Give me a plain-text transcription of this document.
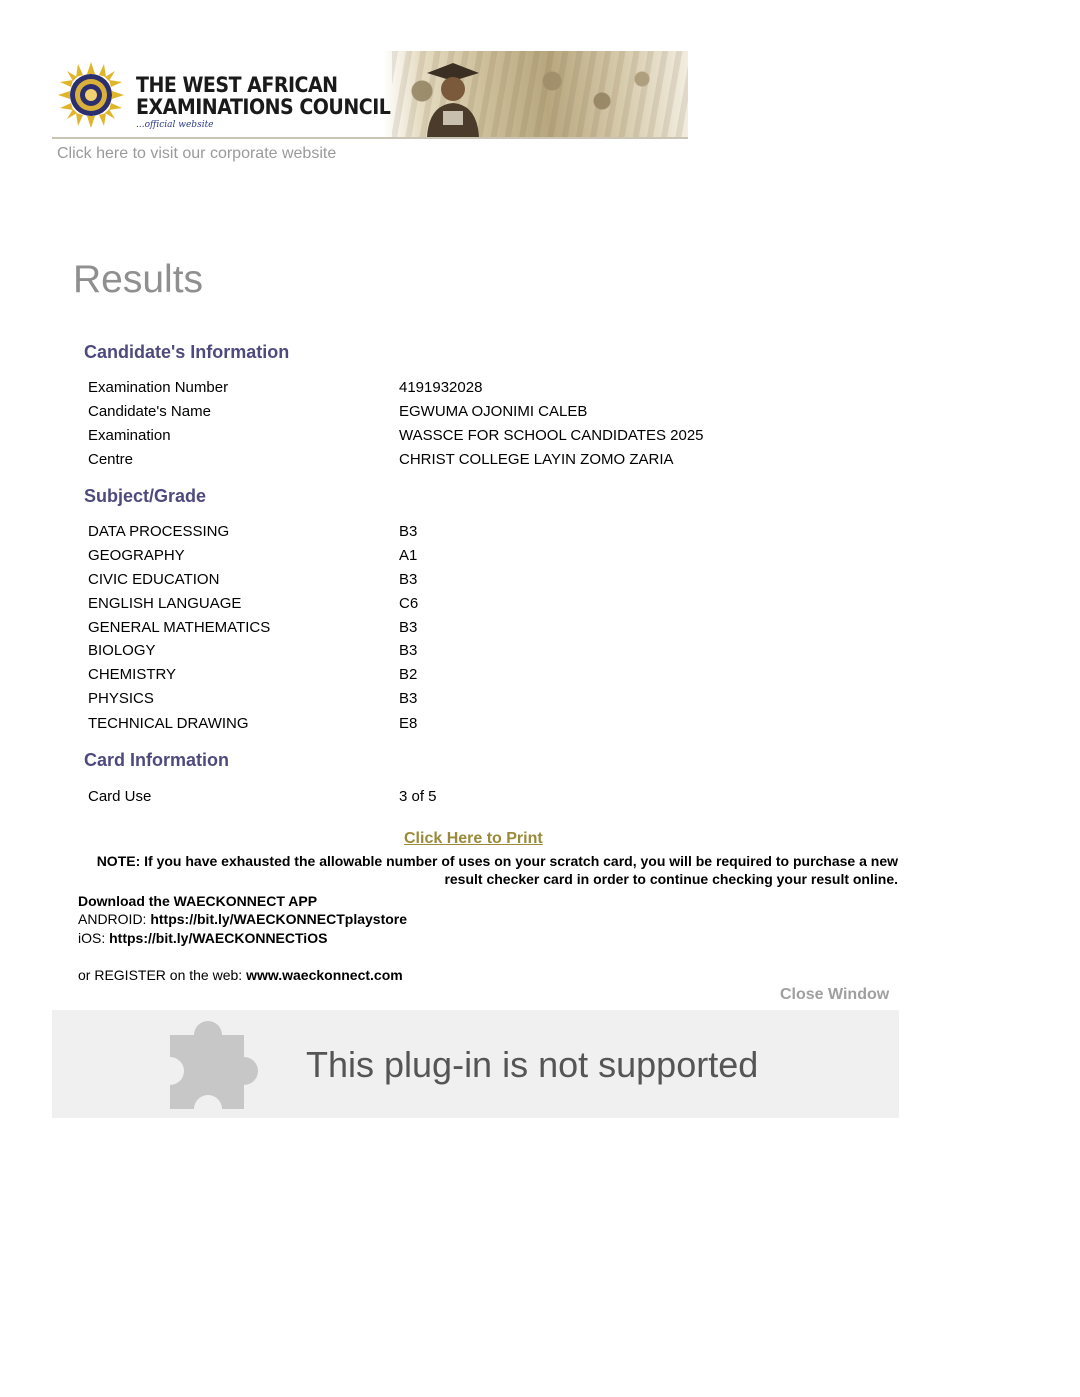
THE WEST AFRICAN
EXAMINATIONS COUNCIL
...official website
Click here to visit our corporate website
Results
Candidate's Information
Examination Number	4191932028
Candidate's Name	EGWUMA OJONIMI CALEB
Examination	WASSCE FOR SCHOOL CANDIDATES 2025
Centre	CHRIST COLLEGE LAYIN ZOMO ZARIA
Subject/Grade
DATA PROCESSING	B3
GEOGRAPHY	A1
CIVIC EDUCATION	B3
ENGLISH LANGUAGE	C6
GENERAL MATHEMATICS	B3
BIOLOGY	B3
CHEMISTRY	B2
PHYSICS	B3
TECHNICAL DRAWING	E8
Card Information
Card Use	3 of 5
Click Here to Print
NOTE: If you have exhausted the allowable number of uses on your scratch card, you will be required to purchase a new result checker card in order to continue checking your result online.
Download the WAECKONNECT APP
ANDROID: https://bit.ly/WAECKONNECTplaystore
iOS: https://bit.ly/WAECKONNECTiOS
or REGISTER on the web: www.waeckonnect.com
Close Window
This plug-in is not supported
